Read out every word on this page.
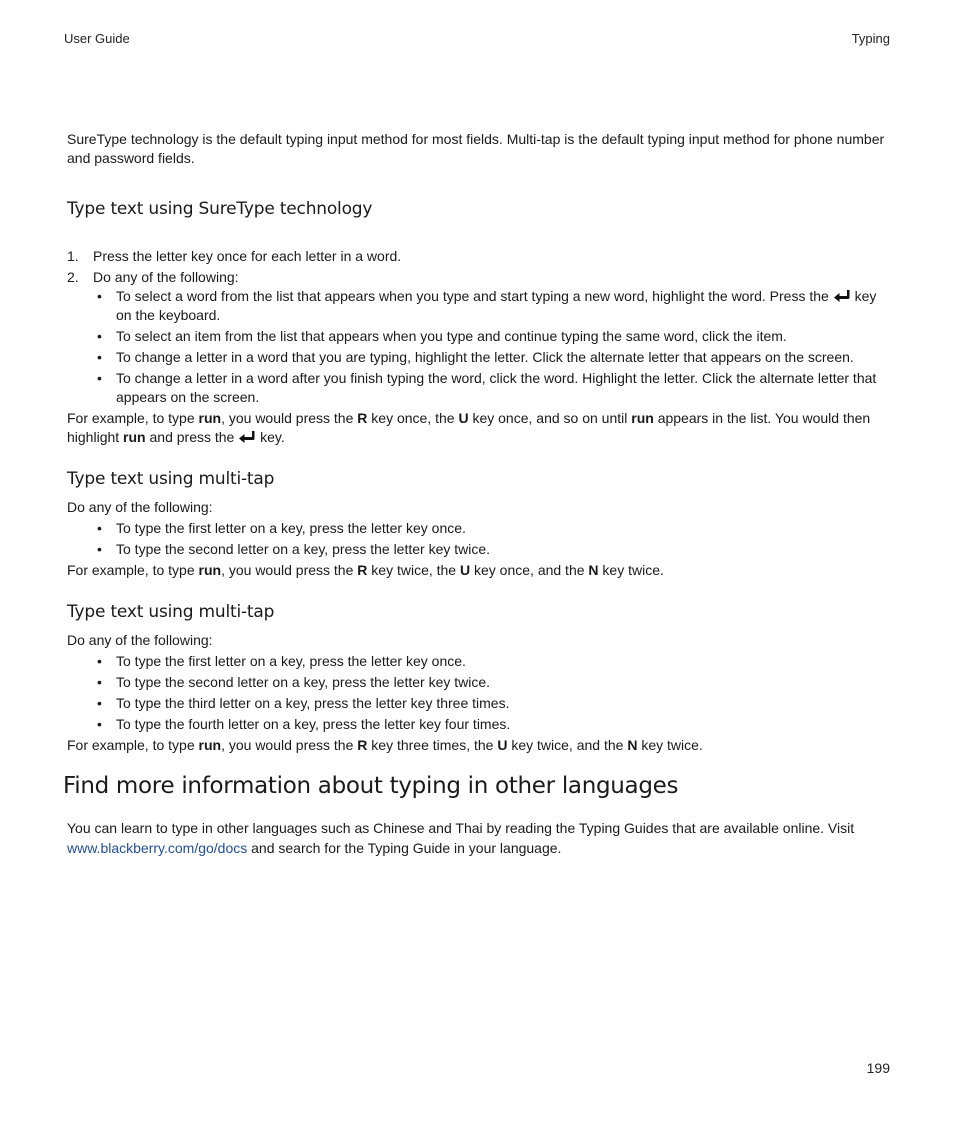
User Guide	Typing

SureType technology is the default typing input method for most fields. Multi-tap is the default typing input method for phone number and password fields.

Type text using SureType technology
1. Press the letter key once for each letter in a word.
2. Do any of the following:
• To select a word from the list that appears when you type and start typing a new word, highlight the word. Press the  key on the keyboard.
• To select an item from the list that appears when you type and continue typing the same word, click the item.
• To change a letter in a word that you are typing, highlight the letter. Click the alternate letter that appears on the screen.
• To change a letter in a word after you finish typing the word, click the word. Highlight the letter. Click the alternate letter that appears on the screen.

For example, to type run, you would press the R key once, the U key once, and so on until run appears in the list. You would then highlight run and press the  key.

Type text using multi-tap

Do any of the following:

• To type the first letter on a key, press the letter key once.
• To type the second letter on a key, press the letter key twice.

For example, to type run, you would press the R key twice, the U key once, and the N key twice.

Type text using multi-tap

Do any of the following:

• To type the first letter on a key, press the letter key once.
• To type the second letter on a key, press the letter key twice.
• To type the third letter on a key, press the letter key three times.
• To type the fourth letter on a key, press the letter key four times.

For example, to type run, you would press the R key three times, the U key twice, and the N key twice.

Find more information about typing in other languages

You can learn to type in other languages such as Chinese and Thai by reading the Typing Guides that are available online. Visit www.blackberry.com/go/docs and search for the Typing Guide in your language.

199
